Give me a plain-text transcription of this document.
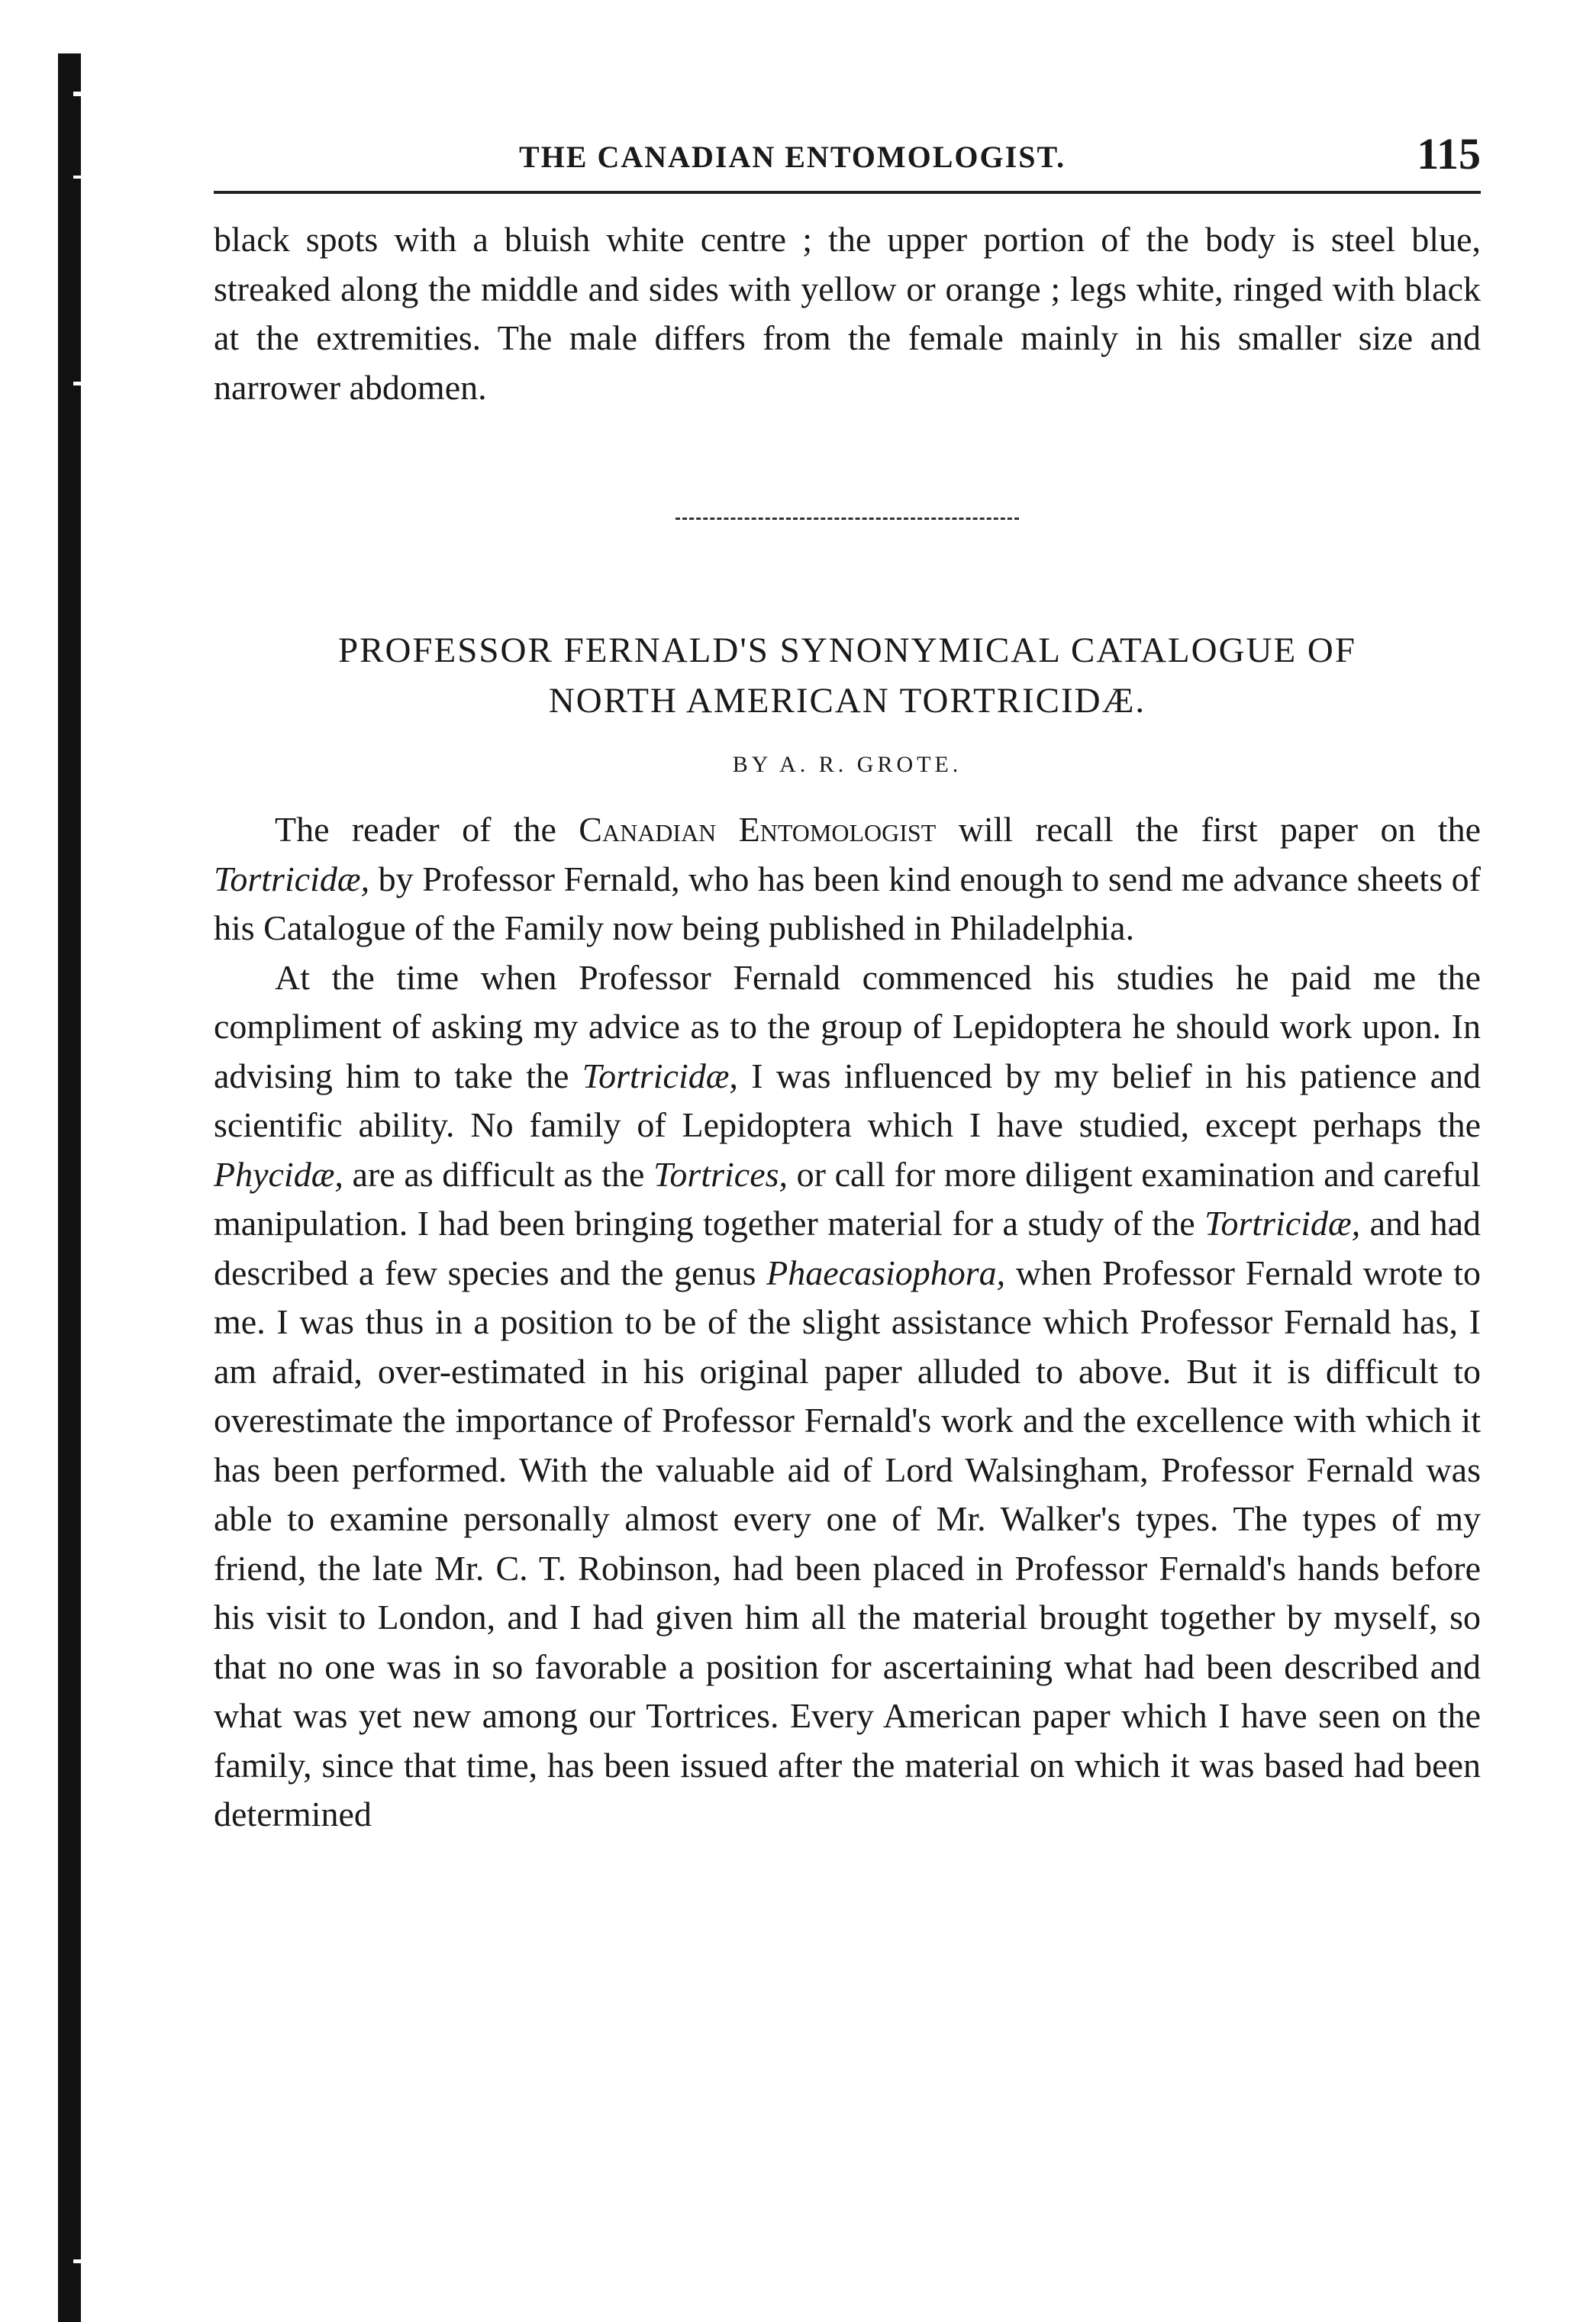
THE CANADIAN ENTOMOLOGIST.	115

black spots with a bluish white centre ; the upper portion of the body is steel blue, streaked along the middle and sides with yellow or orange ; legs white, ringed with black at the extremities. The male differs from the female mainly in his smaller size and narrower abdomen.

PROFESSOR FERNALD'S SYNONYMICAL CATALOGUE OF
NORTH AMERICAN TORTRICIDÆ.
BY A. R. GROTE.

The reader of the Canadian Entomologist will recall the first paper on the Tortricidæ, by Professor Fernald, who has been kind enough to send me advance sheets of his Catalogue of the Family now being published in Philadelphia.

At the time when Professor Fernald commenced his studies he paid me the compliment of asking my advice as to the group of Lepidoptera he should work upon. In advising him to take the Tortricidæ, I was influenced by my belief in his patience and scientific ability. No family of Lepidoptera which I have studied, except perhaps the Phycidæ, are as difficult as the Tortrices, or call for more diligent examination and careful manipulation. I had been bringing together material for a study of the Tortricidæ, and had described a few species and the genus Phaecasiophora, when Professor Fernald wrote to me. I was thus in a position to be of the slight assistance which Professor Fernald has, I am afraid, over-estimated in his original paper alluded to above. But it is difficult to overestimate the importance of Professor Fernald's work and the excellence with which it has been performed. With the valuable aid of Lord Walsingham, Professor Fernald was able to examine personally almost every one of Mr. Walker's types. The types of my friend, the late Mr. C. T. Robinson, had been placed in Professor Fernald's hands before his visit to London, and I had given him all the material brought together by myself, so that no one was in so favorable a position for ascertaining what had been described and what was yet new among our Tortrices. Every American paper which I have seen on the family, since that time, has been issued after the material on which it was based had been determined
